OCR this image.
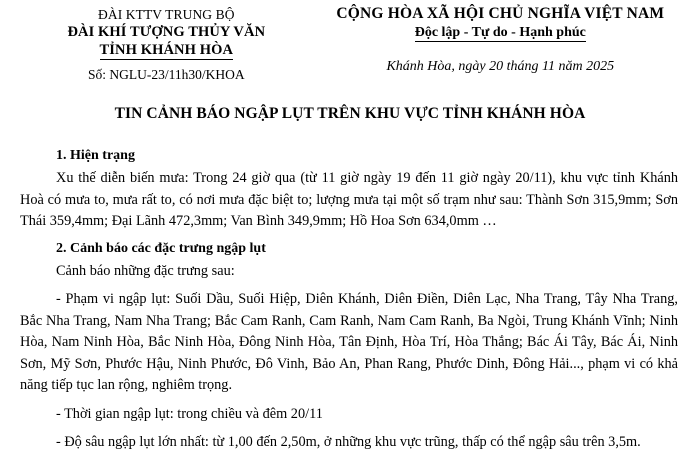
ĐÀI KTTV TRUNG BỘ
ĐÀI KHÍ TƯỢNG THỦY VĂN
TỈNH KHÁNH HÒA
Số: NGLU-23/11h30/KHOA
CỘNG HÒA XÃ HỘI CHỦ NGHĨA VIỆT NAM
Độc lập - Tự do - Hạnh phúc
Khánh Hòa, ngày 20 tháng 11 năm 2025
TIN CẢNH BÁO NGẬP LỤT TRÊN KHU VỰC TỈNH KHÁNH HÒA
1. Hiện trạng

Xu thế diễn biến mưa: Trong 24 giờ qua (từ 11 giờ ngày 19 đến 11 giờ ngày 20/11), khu vực tỉnh Khánh Hoà có mưa to, mưa rất to, có nơi mưa đặc biệt to; lượng mưa tại một số trạm như sau: Thành Sơn 315,9mm; Sơn Thái 359,4mm; Đại Lãnh 472,3mm; Van Bình 349,9mm; Hồ Hoa Sơn 634,0mm …

2. Cảnh báo các đặc trưng ngập lụt

Cảnh báo những đặc trưng sau:

- Phạm vi ngập lụt: Suối Dầu, Suối Hiệp, Diên Khánh, Diên Điền, Diên Lạc, Nha Trang, Tây Nha Trang, Bắc Nha Trang, Nam Nha Trang; Bắc Cam Ranh, Cam Ranh, Nam Cam Ranh, Ba Ngòi, Trung Khánh Vĩnh; Ninh Hòa, Nam Ninh Hòa, Bắc Ninh Hòa, Đông Ninh Hòa, Tân Định, Hòa Trí, Hòa Thắng; Bác Ái Tây, Bác Ái, Ninh Sơn, Mỹ Sơn, Phước Hậu, Ninh Phước, Đô Vinh, Bảo An, Phan Rang, Phước Dinh, Đông Hải..., phạm vi có khả năng tiếp tục lan rộng, nghiêm trọng.

- Thời gian ngập lụt: trong chiều và đêm 20/11

- Độ sâu ngập lụt lớn nhất: từ 1,00 đến 2,50m, ở những khu vực trũng, thấp có thể ngập sâu trên 3,5m.
